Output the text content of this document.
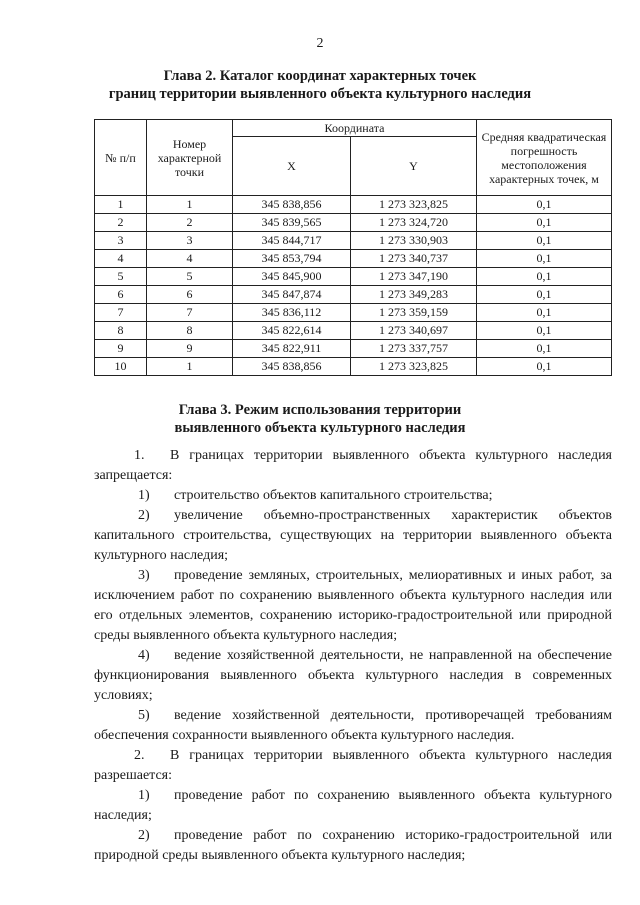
2
Глава 2. Каталог координат характерных точек
границ территории выявленного объекта культурного наследия
№ п/п	Номер характерной точки	Координата		Средняя квадратическая погрешность местоположения характерных точек, м
		X	Y	
1	1	345 838,856	1 273 323,825	0,1
2	2	345 839,565	1 273 324,720	0,1
3	3	345 844,717	1 273 330,903	0,1
4	4	345 853,794	1 273 340,737	0,1
5	5	345 845,900	1 273 347,190	0,1
6	6	345 847,874	1 273 349,283	0,1
7	7	345 836,112	1 273 359,159	0,1
8	8	345 822,614	1 273 340,697	0,1
9	9	345 822,911	1 273 337,757	0,1
10	1	345 838,856	1 273 323,825	0,1
Глава 3. Режим использования территории
выявленного объекта культурного наследия
1. В границах территории выявленного объекта культурного наследия запрещается:
1) строительство объектов капитального строительства;
2) увеличение объемно-пространственных характеристик объектов капитального строительства, существующих на территории выявленного объекта культурного наследия;
3) проведение земляных, строительных, мелиоративных и иных работ, за исключением работ по сохранению выявленного объекта культурного наследия или его отдельных элементов, сохранению историко-градостроительной или природной среды выявленного объекта культурного наследия;
4) ведение хозяйственной деятельности, не направленной на обеспечение функционирования выявленного объекта культурного наследия в современных условиях;
5) ведение хозяйственной деятельности, противоречащей требованиям обеспечения сохранности выявленного объекта культурного наследия.
2. В границах территории выявленного объекта культурного наследия разрешается:
1) проведение работ по сохранению выявленного объекта культурного наследия;
2) проведение работ по сохранению историко-градостроительной или природной среды выявленного объекта культурного наследия;
